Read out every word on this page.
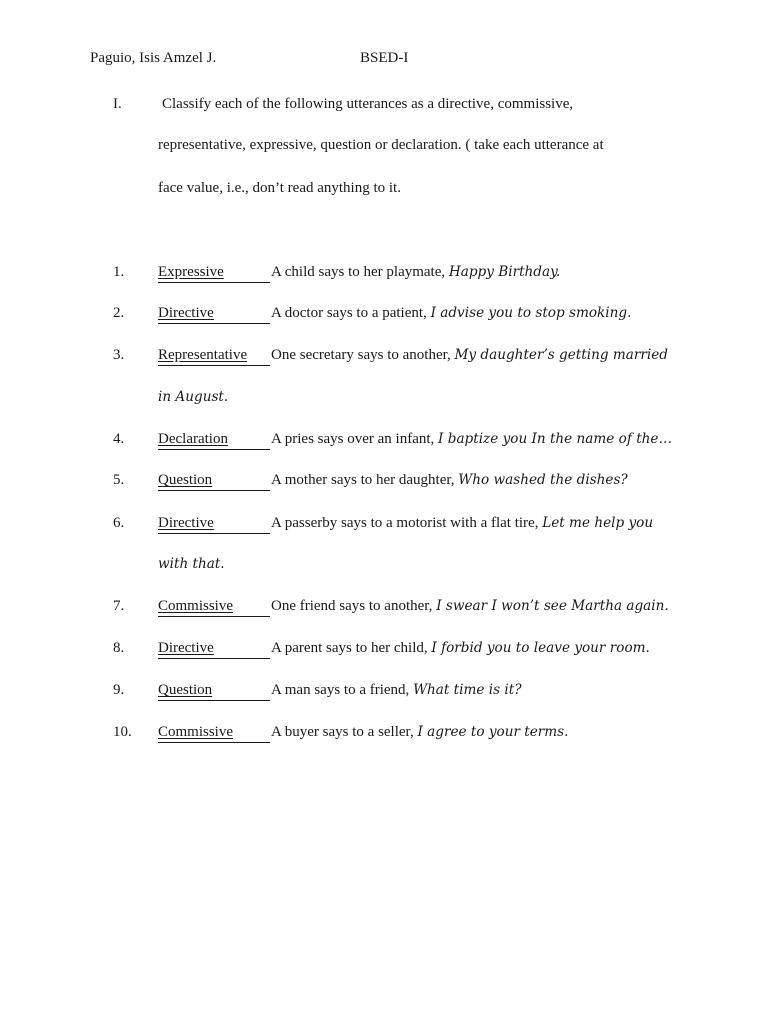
Paguio, Isis Amzel J.	BSED-I
I.	Classify each of the following utterances as a directive, commissive,
representative, expressive, question or declaration. ( take each utterance at
face value, i.e., don’t read anything to it.
1. Expressive	A child says to her playmate, Happy Birthday.
2. Directive	A doctor says to a patient, I advise you to stop smoking.
3. Representative	One secretary says to another, My daughter’s getting married
in August.
4. Declaration	A pries says over an infant, I baptize you In the name of the…
5. Question	A mother says to her daughter, Who washed the dishes?
6. Directive	A passerby says to a motorist with a flat tire, Let me help you
with that.
7. Commissive	One friend says to another, I swear I won’t see Martha again.
8. Directive	A parent says to her child, I forbid you to leave your room.
9. Question	A man says to a friend, What time is it?
10. Commissive	A buyer says to a seller, I agree to your terms.
